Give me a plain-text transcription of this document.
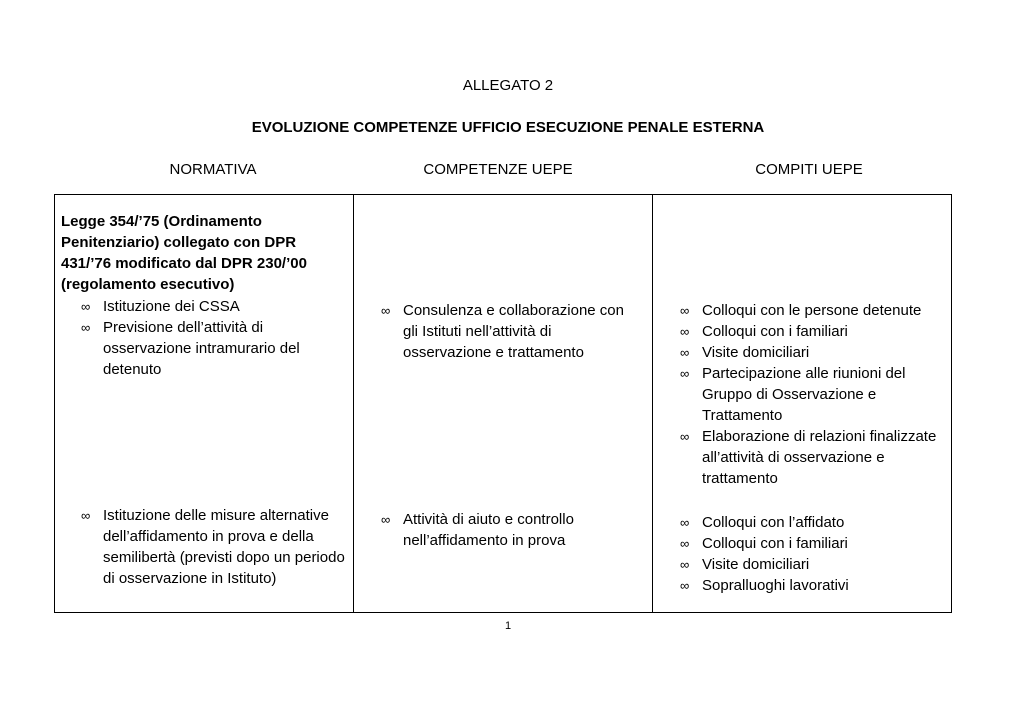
ALLEGATO 2
EVOLUZIONE COMPETENZE UFFICIO ESECUZIONE PENALE ESTERNA
NORMATIVA	COMPETENZE UEPE	COMPITI UEPE
Legge 354/’75 (Ordinamento
Penitenziario) collegato con DPR
431/’76 modificato dal DPR 230/’00
(regolamento esecutivo)
∞ Istituzione dei CSSA
∞ Previsione dell’attività di osservazione intramurario del detenuto
∞ Istituzione delle misure alternative dell’affidamento in prova e della semilibertà (previsti dopo un periodo di osservazione in Istituto)
∞ Consulenza e collaborazione con gli Istituti nell’attività di osservazione e trattamento
∞ Attività di aiuto e controllo nell’affidamento in prova
∞ Colloqui con le persone detenute
∞ Colloqui con i familiari
∞ Visite domiciliari
∞ Partecipazione alle riunioni del Gruppo di Osservazione e Trattamento
∞ Elaborazione di relazioni finalizzate all’attività di osservazione e trattamento
∞ Colloqui con l’affidato
∞ Colloqui con i familiari
∞ Visite domiciliari
∞ Sopralluoghi lavorativi
1
